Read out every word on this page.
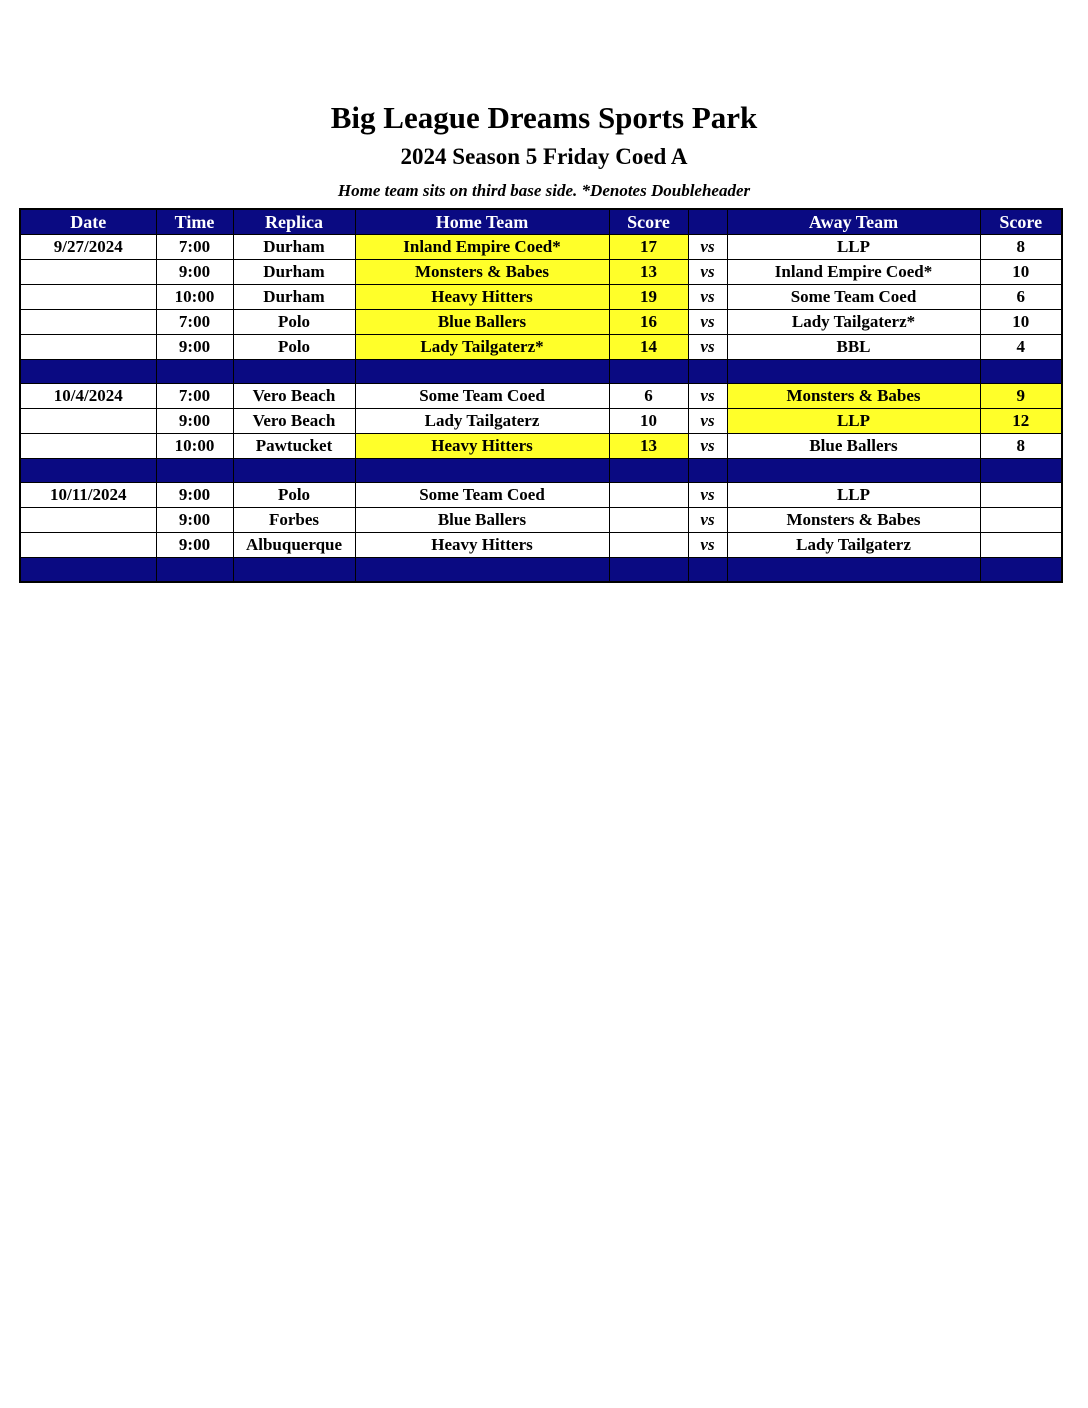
Big League Dreams Sports Park
2024 Season 5 Friday Coed A
Home team sits on third base side. *Denotes Doubleheader
Date	Time	Replica	Home Team	Score		Away Team	Score
9/27/2024	7:00	Durham	Inland Empire Coed*	17	vs	LLP	8
	9:00	Durham	Monsters & Babes	13	vs	Inland Empire Coed*	10
	10:00	Durham	Heavy Hitters	19	vs	Some Team Coed	6
	7:00	Polo	Blue Ballers	16	vs	Lady Tailgaterz*	10
	9:00	Polo	Lady Tailgaterz*	14	vs	BBL	4

10/4/2024	7:00	Vero Beach	Some Team Coed	6	vs	Monsters & Babes	9
	9:00	Vero Beach	Lady Tailgaterz	10	vs	LLP	12
	10:00	Pawtucket	Heavy Hitters	13	vs	Blue Ballers	8

10/11/2024	9:00	Polo	Some Team Coed		vs	LLP	
	9:00	Forbes	Blue Ballers		vs	Monsters & Babes	
	9:00	Albuquerque	Heavy Hitters		vs	Lady Tailgaterz	
